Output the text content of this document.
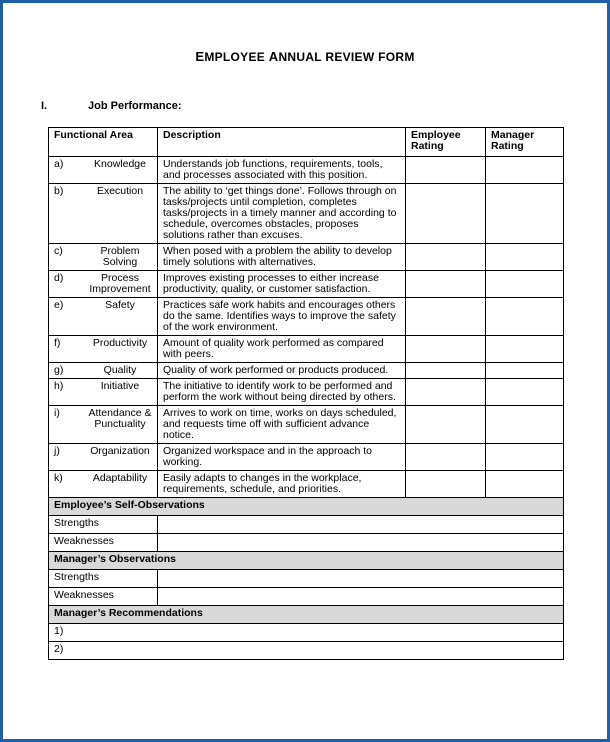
EMPLOYEE ANNUAL REVIEW FORM
I.	Job Performance:
Functional Area	Description	Employee Rating	Manager Rating

a) Knowledge	Understands job functions, requirements, tools, and processes associated with this position.		

b) Execution	The ability to ‘get things done’. Follows through on tasks/projects until completion, completes tasks/projects in a timely manner and according to schedule, overcomes obstacles, proposes solutions rather than excuses.		

c) Problem Solving	When posed with a problem the ability to develop timely solutions with alternatives.		

d) Process Improvement	Improves existing processes to either increase productivity, quality, or customer satisfaction.		

e) Safety	Practices safe work habits and encourages others do the same. Identifies ways to improve the safety of the work environment.		

f) Productivity	Amount of quality work performed as compared with peers.		

g) Quality	Quality of work performed or products produced.		

h) Initiative	The initiative to identify work to be performed and perform the work without being directed by others.		

i) Attendance & Punctuality	Arrives to work on time, works on days scheduled, and requests time off with sufficient advance notice.		

j) Organization	Organized workspace and in the approach to working.		

k) Adaptability	Easily adapts to changes in the workplace, requirements, schedule, and priorities.		
Employee’s Self-Observations			
Strengths			
Weaknesses			
Manager’s Observations			
Strengths			
Weaknesses			
Manager’s Recommendations			
1)			
2)			
